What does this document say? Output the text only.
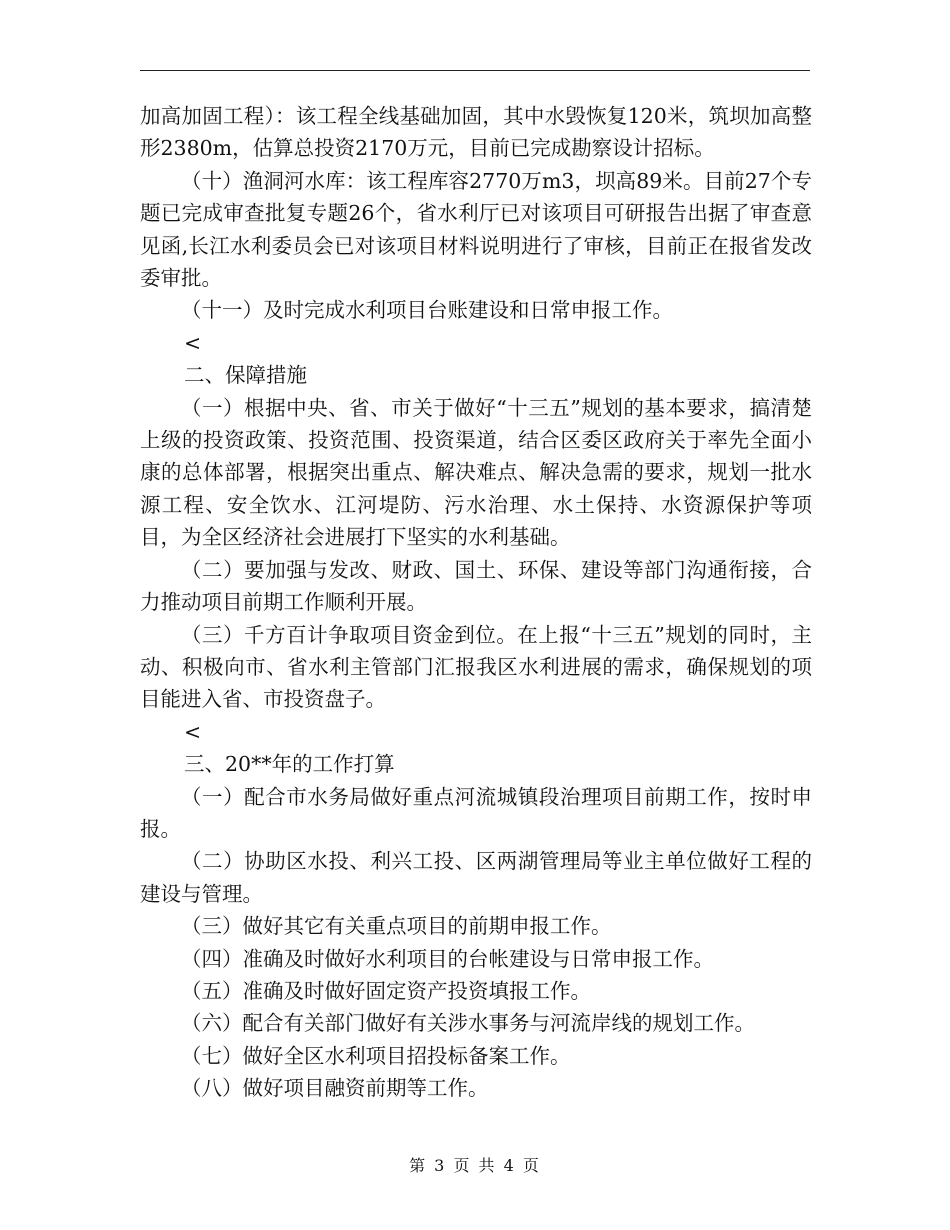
加高加固工程）：该工程全线基础加固，其中水毁恢复120米，筑坝加高整形2380m，估算总投资2170万元，目前已完成勘察设计招标。

（十）渔洞河水库：该工程库容2770万m3，坝高89米。目前27个专题已完成审查批复专题26个，省水利厅已对该项目可研报告出据了审查意见函,长江水利委员会已对该项目材料说明进行了审核，目前正在报省发改委审批。

（十一）及时完成水利项目台账建设和日常申报工作。

<

二、保障措施

（一）根据中央、省、市关于做好“十三五”规划的基本要求，搞清楚上级的投资政策、投资范围、投资渠道，结合区委区政府关于率先全面小康的总体部署，根据突出重点、解决难点、解决急需的要求，规划一批水源工程、安全饮水、江河堤防、污水治理、水土保持、水资源保护等项目，为全区经济社会进展打下坚实的水利基础。

（二）要加强与发改、财政、国土、环保、建设等部门沟通衔接，合力推动项目前期工作顺利开展。

（三）千方百计争取项目资金到位。在上报“十三五”规划的同时，主动、积极向市、省水利主管部门汇报我区水利进展的需求，确保规划的项目能进入省、市投资盘子。

<

三、20**年的工作打算

（一）配合市水务局做好重点河流城镇段治理项目前期工作，按时申报。

（二）协助区水投、利兴工投、区两湖管理局等业主单位做好工程的建设与管理。

（三）做好其它有关重点项目的前期申报工作。

（四）准确及时做好水利项目的台帐建设与日常申报工作。

（五）准确及时做好固定资产投资填报工作。

（六）配合有关部门做好有关涉水事务与河流岸线的规划工作。

（七）做好全区水利项目招投标备案工作。

（八）做好项目融资前期等工作。

第 3 页 共 4 页
